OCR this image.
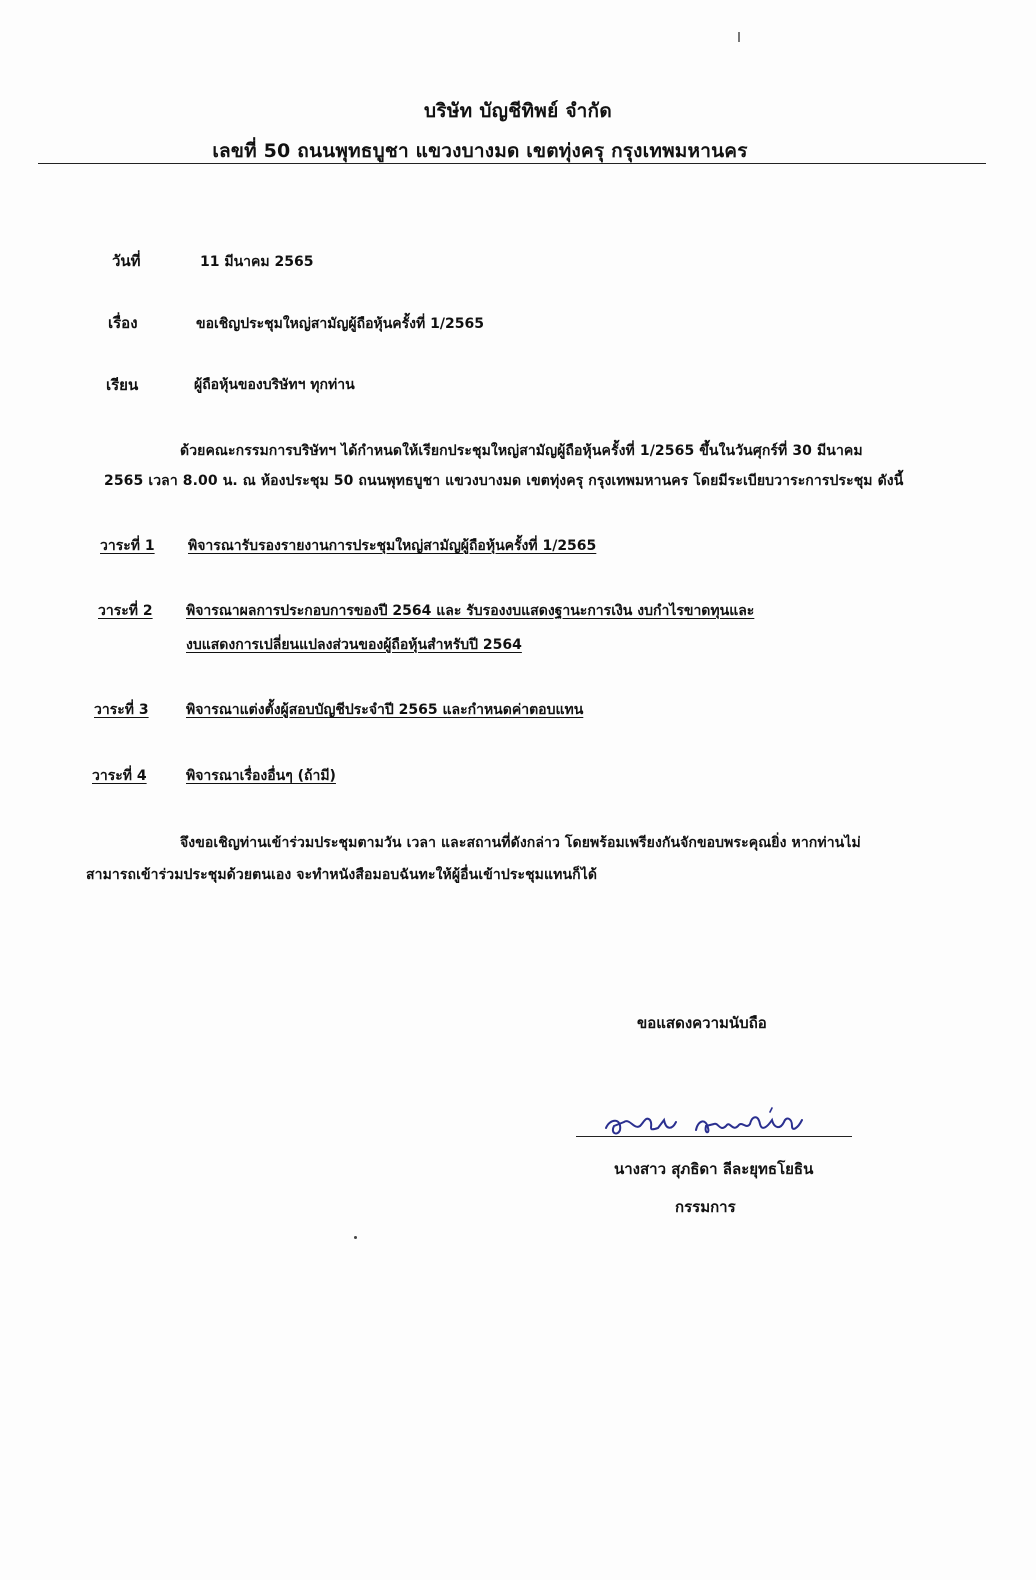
บริษัท บัญชีทิพย์ จำกัด
เลขที่ 50 ถนนพุทธบูชา แขวงบางมด เขตทุ่งครุ กรุงเทพมหานคร
วันที่	11 มีนาคม 2565
เรื่อง	ขอเชิญประชุมใหญ่สามัญผู้ถือหุ้นครั้งที่ 1/2565
เรียน	ผู้ถือหุ้นของบริษัทฯ ทุกท่าน
ด้วยคณะกรรมการบริษัทฯ ได้กำหนดให้เรียกประชุมใหญ่สามัญผู้ถือหุ้นครั้งที่ 1/2565 ขึ้นในวันศุกร์ที่ 30 มีนาคม
2565 เวลา 8.00 น. ณ ห้องประชุม 50 ถนนพุทธบูชา แขวงบางมด เขตทุ่งครุ กรุงเทพมหานคร โดยมีระเบียบวาระการประชุม ดังนี้
วาระที่ 1 พิจารณารับรองรายงานการประชุมใหญ่สามัญผู้ถือหุ้นครั้งที่ 1/2565
วาระที่ 2 พิจารณาผลการประกอบการของปี 2564 และ รับรองงบแสดงฐานะการเงิน งบกำไรขาดทุนและ
งบแสดงการเปลี่ยนแปลงส่วนของผู้ถือหุ้นสำหรับปี 2564
วาระที่ 3	พิจารณาแต่งตั้งผู้สอบบัญชีประจำปี 2565 และกำหนดค่าตอบแทน
วาระที่ 4	พิจารณาเรื่องอื่นๆ (ถ้ามี)
จึงขอเชิญท่านเข้าร่วมประชุมตามวัน เวลา และสถานที่ดังกล่าว โดยพร้อมเพรียงกันจักขอบพระคุณยิ่ง หากท่านไม่
สามารถเข้าร่วมประชุมด้วยตนเอง จะทำหนังสือมอบฉันทะให้ผู้อื่นเข้าประชุมแทนก็ได้
ขอแสดงความนับถือ
นางสาว สุภธิดา ลีละยุทธโยธิน
กรรมการ
